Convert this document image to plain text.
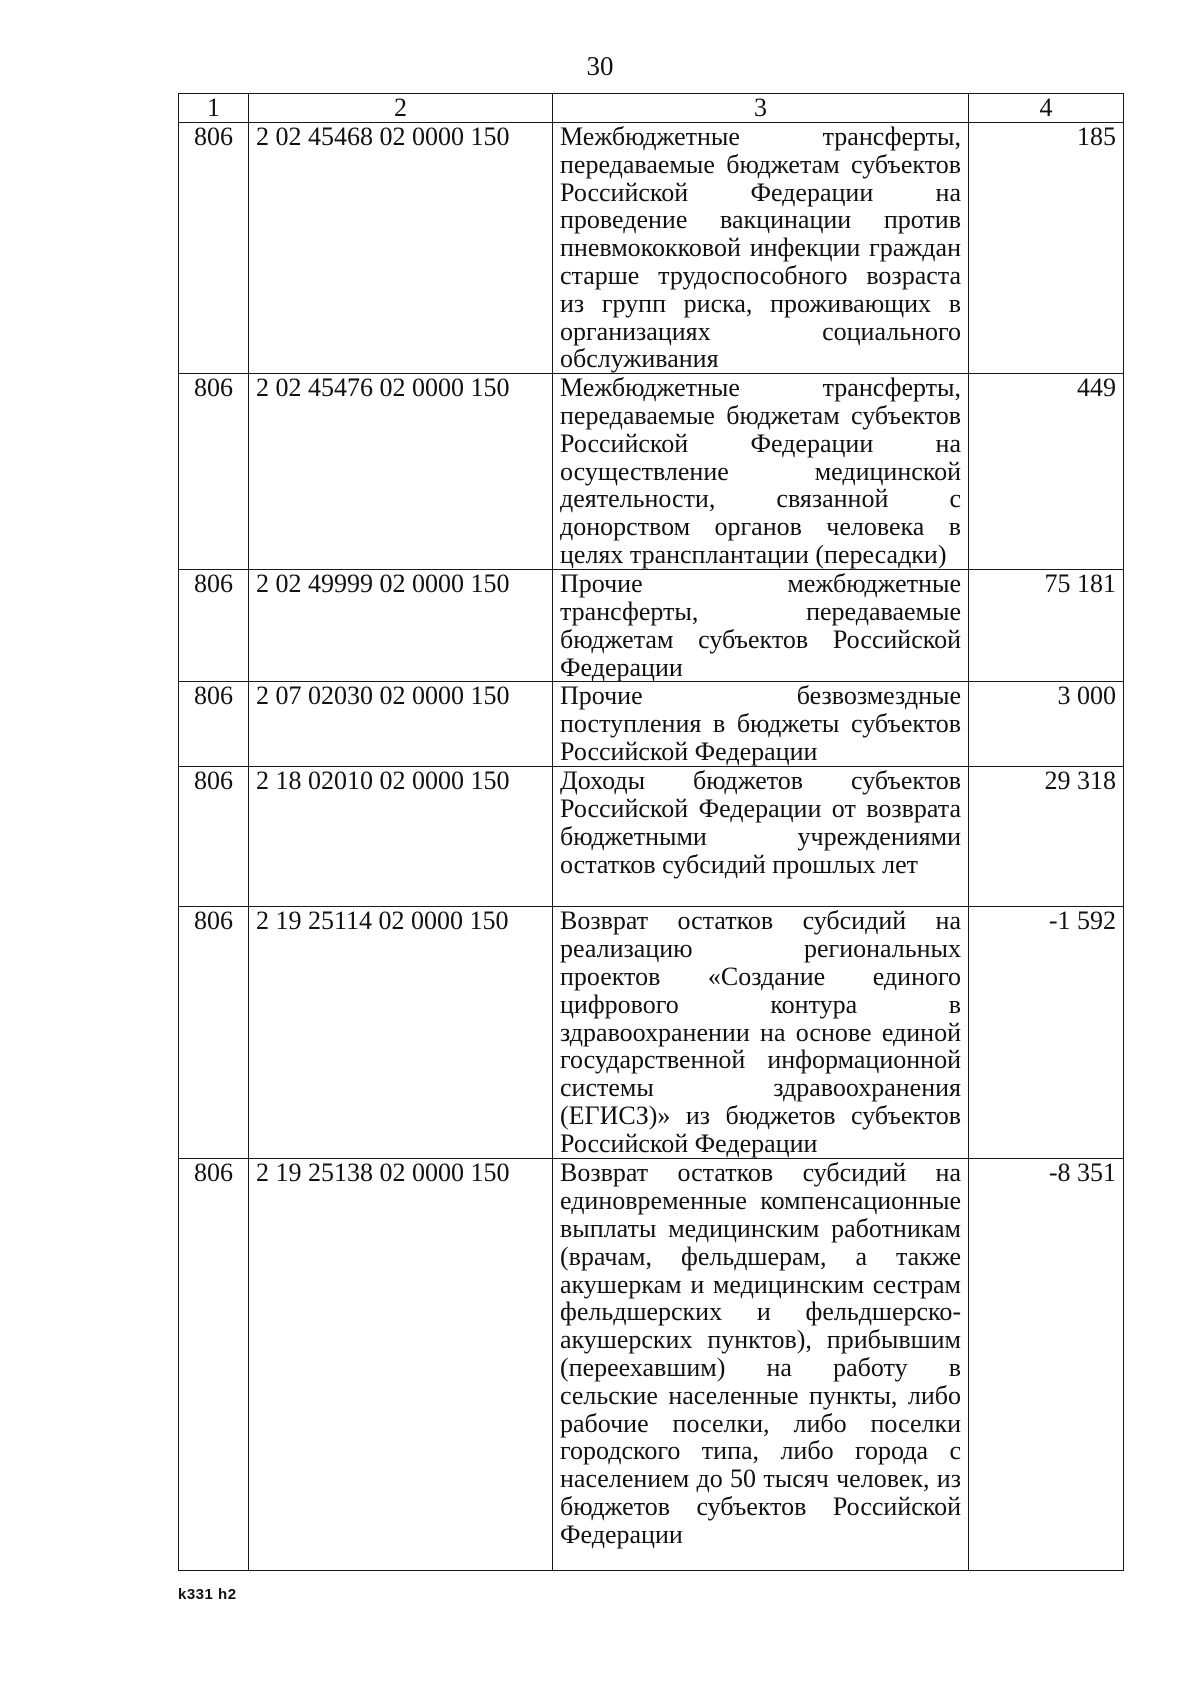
30
1	2	3	4
806	2 02 45468 02 0000 150	Межбюджетные трансферты, передаваемые бюджетам субъектов Российской Федерации на проведение вакцинации против пневмококковой инфекции граждан старше трудоспособного возраста из групп риска, проживающих в организациях социального обслуживания	185
806	2 02 45476 02 0000 150	Межбюджетные трансферты, передаваемые бюджетам субъектов Российской Федерации на осуществление медицинской деятельности, связанной с донорством органов человека в целях трансплантации (пересадки)	449
806	2 02 49999 02 0000 150	Прочие межбюджетные трансферты, передаваемые бюджетам субъектов Российской Федерации	75 181
806	2 07 02030 02 0000 150	Прочие безвозмездные поступления в бюджеты субъектов Российской Федерации	3 000
806	2 18 02010 02 0000 150	Доходы бюджетов субъектов Российской Федерации от возврата бюджетными учреждениями остатков субсидий прошлых лет	29 318
806	2 19 25114 02 0000 150	Возврат остатков субсидий на реализацию региональных проектов «Создание единого цифрового контура в здравоохранении на основе единой государственной информационной системы здравоохранения (ЕГИСЗ)» из бюджетов субъектов Российской Федерации	-1 592
806	2 19 25138 02 0000 150	Возврат остатков субсидий на единовременные компенсационные выплаты медицинским работникам (врачам, фельдшерам, а также акушеркам и медицинским сестрам фельдшерских и фельдшерско-акушерских пунктов), прибывшим (переехавшим) на работу в сельские населенные пункты, либо рабочие поселки, либо поселки городского типа, либо города с населением до 50 тысяч человек, из бюджетов субъектов Российской Федерации	-8 351
k331 h2
